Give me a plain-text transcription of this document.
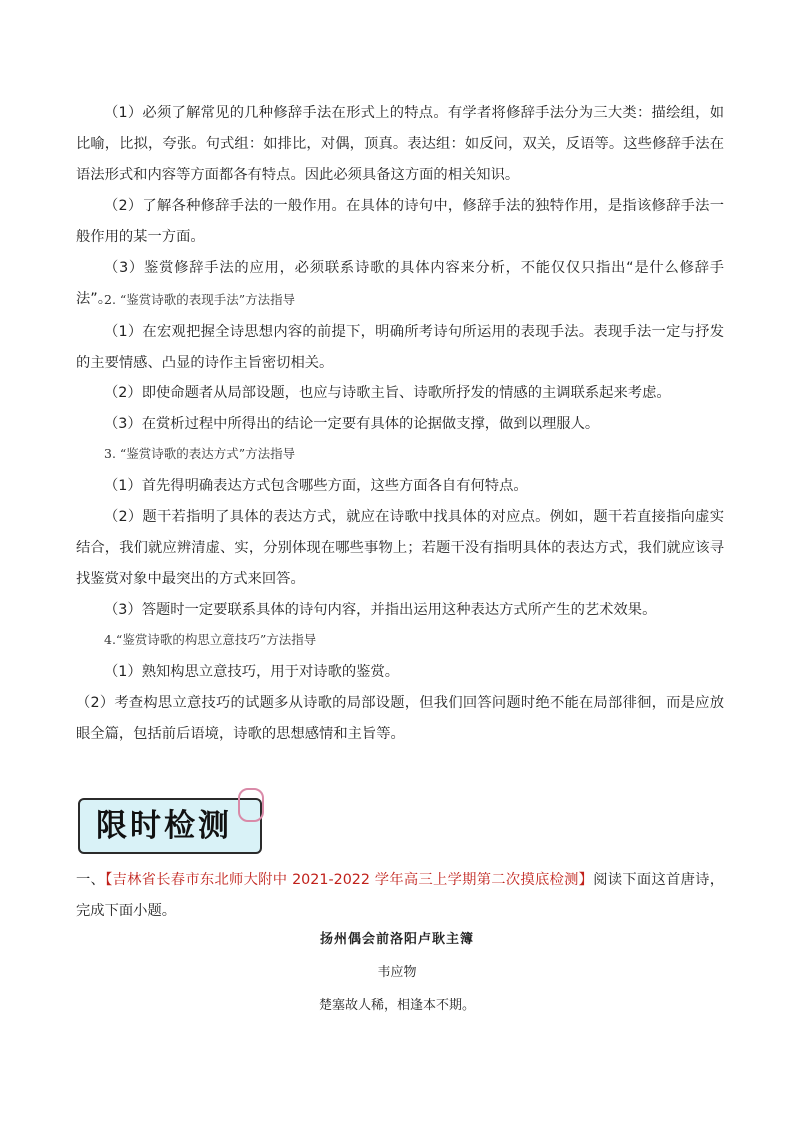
（1）必须了解常见的几种修辞手法在形式上的特点。有学者将修辞手法分为三大类：描绘组，如比喻，比拟，夸张。句式组：如排比，对偶，顶真。表达组：如反问，双关，反语等。这些修辞手法在语法形式和内容等方面都各有特点。因此必须具备这方面的相关知识。

（2）了解各种修辞手法的一般作用。在具体的诗句中，修辞手法的独特作用，是指该修辞手法一般作用的某一方面。

（3）鉴赏修辞手法的应用，必须联系诗歌的具体内容来分析，不能仅仅只指出“是什么修辞手法”。

2. “鉴赏诗歌的表现手法”方法指导

（1）在宏观把握全诗思想内容的前提下，明确所考诗句所运用的表现手法。表现手法一定与抒发的主要情感、凸显的诗作主旨密切相关。

（2）即使命题者从局部设题，也应与诗歌主旨、诗歌所抒发的情感的主调联系起来考虑。

（3）在赏析过程中所得出的结论一定要有具体的论据做支撑，做到以理服人。

3. “鉴赏诗歌的表达方式”方法指导

（1）首先得明确表达方式包含哪些方面，这些方面各自有何特点。

（2）题干若指明了具体的表达方式，就应在诗歌中找具体的对应点。例如，题干若直接指向虚实结合，我们就应辨清虚、实，分别体现在哪些事物上；若题干没有指明具体的表达方式，我们就应该寻找鉴赏对象中最突出的方式来回答。

（3）答题时一定要联系具体的诗句内容，并指出运用这种表达方式所产生的艺术效果。

4.“鉴赏诗歌的构思立意技巧”方法指导

（1）熟知构思立意技巧，用于对诗歌的鉴赏。

（2）考查构思立意技巧的试题多从诗歌的局部设题，但我们回答问题时绝不能在局部徘徊，而是应放眼全篇，包括前后语境，诗歌的思想感情和主旨等。

限时检测

一、【吉林省长春市东北师大附中 2021-2022 学年高三上学期第二次摸底检测】阅读下面这首唐诗，完成下面小题。

扬州偶会前洛阳卢耿主簿
韦应物
楚塞故人稀，相逢本不期。
